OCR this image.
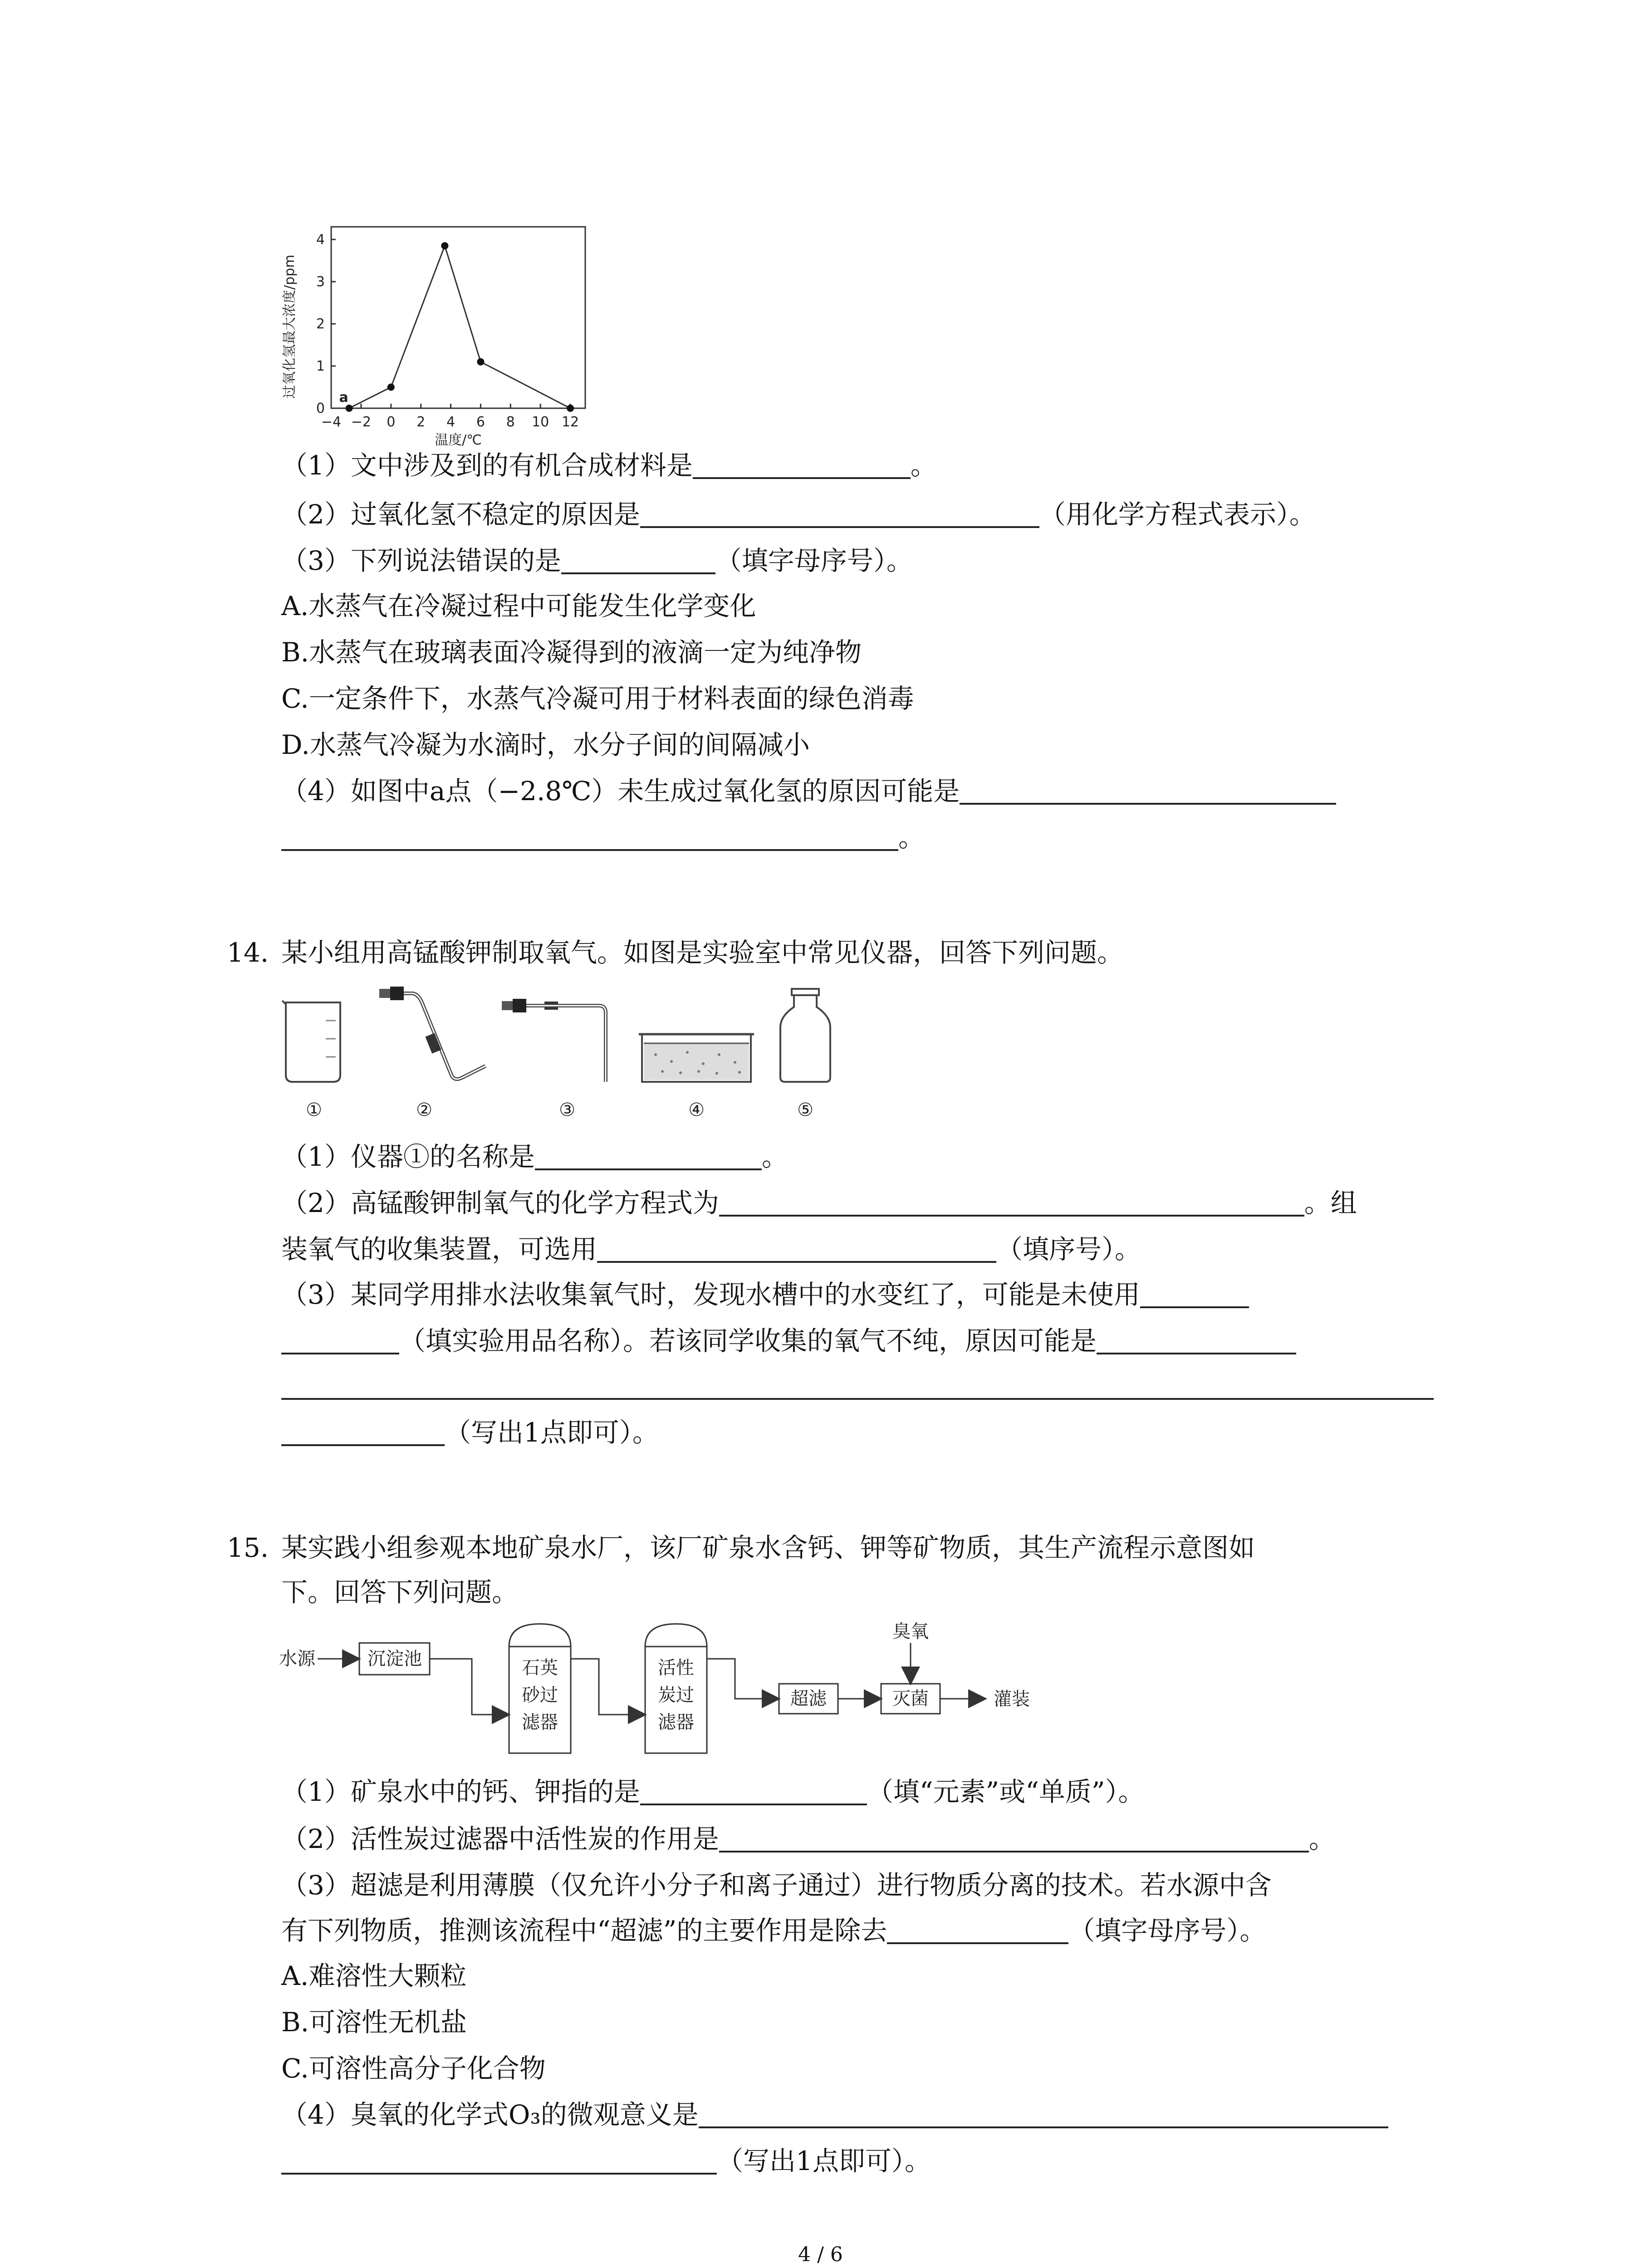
过氧化氢最大浓度/ppm
0
1
2
3
4
−4 −2 0 2 4 6 8 10 12
a
温度/℃
（1）文中涉及到的有机合成材料是	。
（2）过氧化氢不稳定的原因是	（用化学方程式表示）。
（3）下列说法错误的是	（填字母序号）。
A.水蒸气在冷凝过程中可能发生化学变化
B.水蒸气在玻璃表面冷凝得到的液滴一定为纯净物
C.一定条件下，水蒸气冷凝可用于材料表面的绿色消毒
D.水蒸气冷凝为水滴时，水分子间的间隔减小
（4）如图中a点（−2.8℃）未生成过氧化氢的原因可能是
。
14. 某小组用高锰酸钾制取氧气。如图是实验室中常见仪器，回答下列问题。
①	②	③	④	⑤
（1）仪器①的名称是	。
（2）高锰酸钾制氧气的化学方程式为	。组
装氧气的收集装置，可选用	（填序号）。
（3）某同学用排水法收集氧气时，发现水槽中的水变红了，可能是未使用
（填实验用品名称）。若该同学收集的氧气不纯，原因可能是
（写出1点即可）。
15. 某实践小组参观本地矿泉水厂，该厂矿泉水含钙、钾等矿物质，其生产流程示意图如
下。回答下列问题。
水源	沉淀池	石英
砂过
滤器
活性
炭过
滤器
超滤	灭菌
臭氧
灌装
（1）矿泉水中的钙、钾指的是	（填“元素”或“单质”）。
（2）活性炭过滤器中活性炭的作用是	。
（3）超滤是利用薄膜（仅允许小分子和离子通过）进行物质分离的技术。若水源中含
有下列物质，推测该流程中“超滤”的主要作用是除去	（填字母序号）。
A.难溶性大颗粒
B.可溶性无机盐
C.可溶性高分子化合物
（4）臭氧的化学式O₃的微观意义是
（写出1点即可）。
4 / 6
